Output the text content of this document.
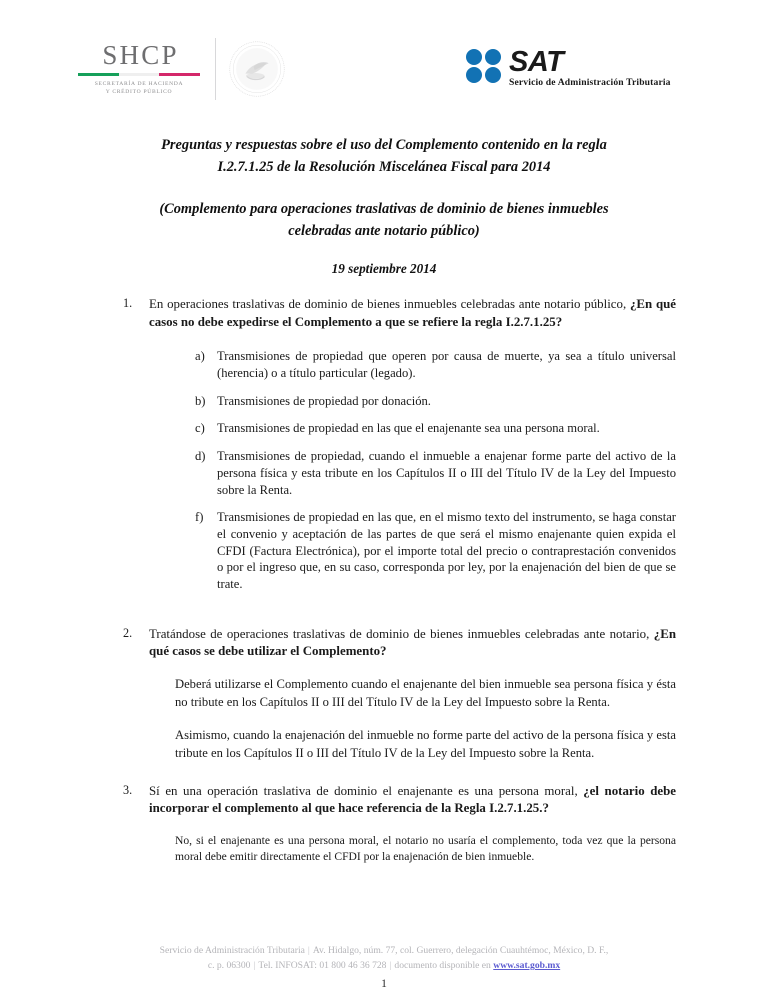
SHCP
SECRETARÍA DE HACIENDA
Y CRÉDITO PÚBLICO
SAT
Servicio de Administración Tributaria
Preguntas y respuestas sobre el uso del Complemento contenido en la regla
I.2.7.1.25 de la Resolución Miscelánea Fiscal para 2014
(Complemento para operaciones traslativas de dominio de bienes inmuebles
celebradas ante notario público)
19 septiembre 2014
1.	En operaciones traslativas de dominio de bienes inmuebles celebradas ante notario público, ¿En qué casos no debe expedirse el Complemento a que se refiere la regla I.2.7.1.25?
a) Transmisiones de propiedad que operen por causa de muerte, ya sea a título universal (herencia) o a título particular (legado).
b) Transmisiones de propiedad por donación.
c) Transmisiones de propiedad en las que el enajenante sea una persona moral.
d) Transmisiones de propiedad, cuando el inmueble a enajenar forme parte del activo de la persona física y esta tribute en los Capítulos II o III del Título IV de la Ley del Impuesto sobre la Renta.
f)	Transmisiones de propiedad en las que, en el mismo texto del instrumento, se haga constar el convenio y aceptación de las partes de que será el mismo enajenante quien expida el CFDI (Factura Electrónica), por el importe total del precio o contraprestación convenidos o por el ingreso que, en su caso, corresponda por ley, por la enajenación del bien de que se trate.
2.	Tratándose de operaciones traslativas de dominio de bienes inmuebles celebradas ante notario, ¿En qué casos se debe utilizar el Complemento?
Deberá utilizarse el Complemento cuando el enajenante del bien inmueble sea persona física y ésta no tribute en los Capítulos II o III del Título IV de la Ley del Impuesto sobre la Renta.
Asimismo, cuando la enajenación del inmueble no forme parte del activo de la persona física y esta tribute en los Capítulos II o III del Título IV de la Ley del Impuesto sobre la Renta.
3.	Sí en una operación traslativa de dominio el enajenante es una persona moral, ¿el notario debe incorporar el complemento al que hace referencia de la Regla I.2.7.1.25.?
No, si el enajenante es una persona moral, el notario no usaría el complemento, toda vez que la persona moral debe emitir directamente el CFDI por la enajenación de bien inmueble.
Servicio de Administración Tributaria | Av. Hidalgo, núm. 77, col. Guerrero, delegación Cuauhtémoc, México, D. F.,
c. p. 06300 | Tel. INFOSAT: 01 800 46 36 728 | documento disponible en www.sat.gob.mx
1
